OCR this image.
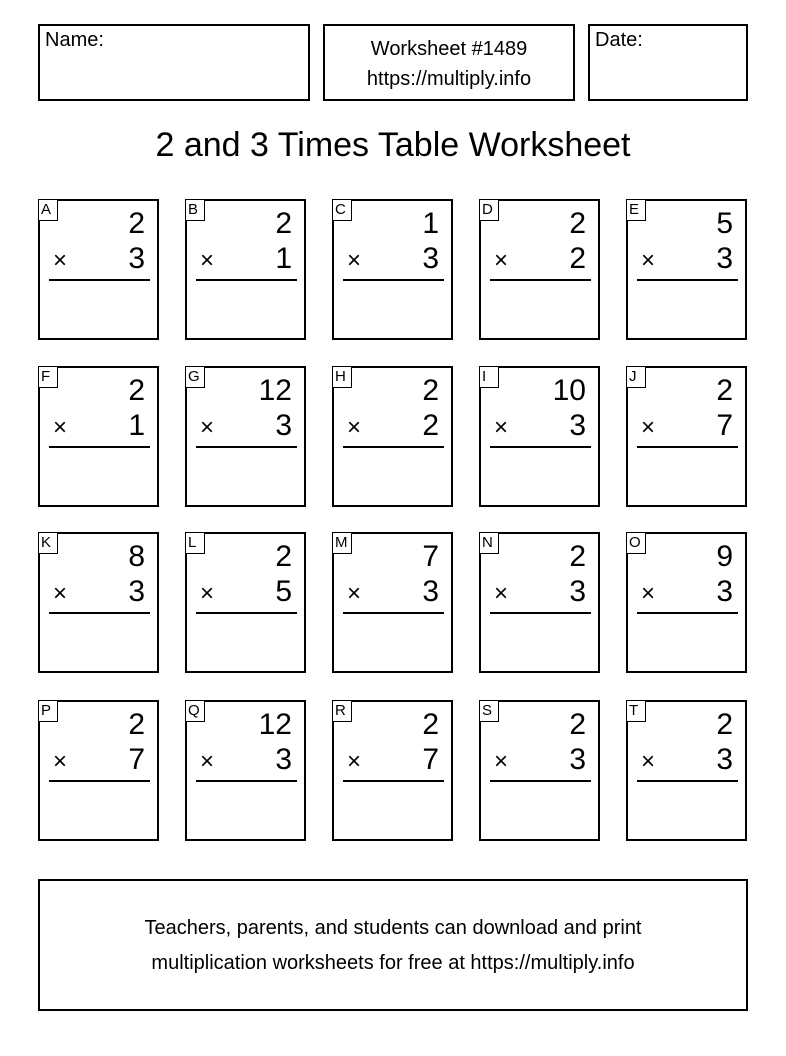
Name:	Worksheet #1489
https://multiply.info
Date:
2 and 3 Times Table Worksheet
A	2
× 3
B	2
× 1
C	1
× 3
D	2
× 2
E	5
× 3
F	2
× 1
G 12
× 3
H	2
× 2
I	10
× 3
J	2
× 7
K	8
× 3
L	2
× 5
M 7
× 3
N	2
× 3
O	9
× 3
P	2
× 7
Q 12
× 3
R	2
× 7
S	2
× 3
T	2
× 3
Teachers, parents, and students can download and print
multiplication worksheets for free at https://multiply.info
